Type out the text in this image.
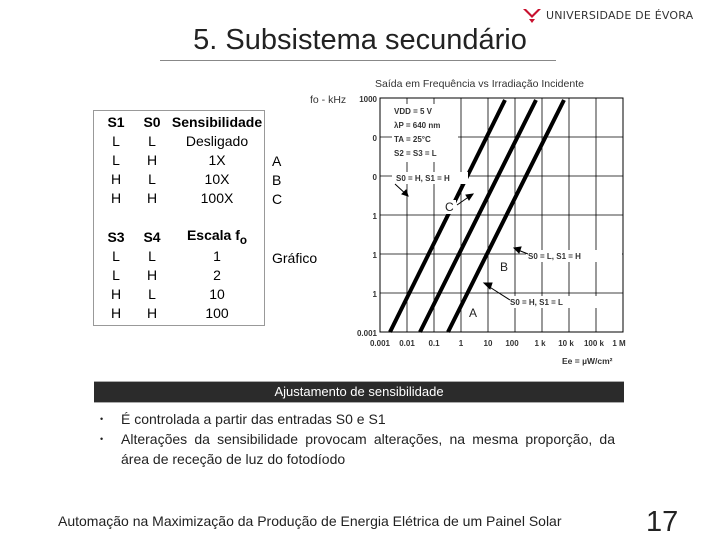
UNIVERSIDADE DE ÉVORA
5. Subsistema secundário
S1	S0	Sensibilidade
L	L	Desligado
L	H	1X
H	L	10X
H	H	100X

S3	S4	Escala $f_o$
L	L	1
L	H	2
H	L	10
H	H	100
A
B
C
Gráfico
Saída em Frequência vs Irradiação Incidente
fo - kHz 1000
0
0
1
1
1
0.001
0.001 0.01 0.1 1	10 100 1 k 10 k 100 k 1 M
Ee = µW/cm²
VDD = 5 V
λP = 640 nm
TA = 25°C
S2 = S3 = L
S0 = H, S1 = H
S0 = L, S1 = H
S0 = H, S1 = L
C
B
A
Ajustamento de sensibilidade
• É controlada a partir das entradas S0 e S1
• Alterações da sensibilidade provocam alterações, na mesma proporção, da área de receção de luz do fotodíodo
Automação na Maximização da Produção de Energia Elétrica de um Painel Solar	17
